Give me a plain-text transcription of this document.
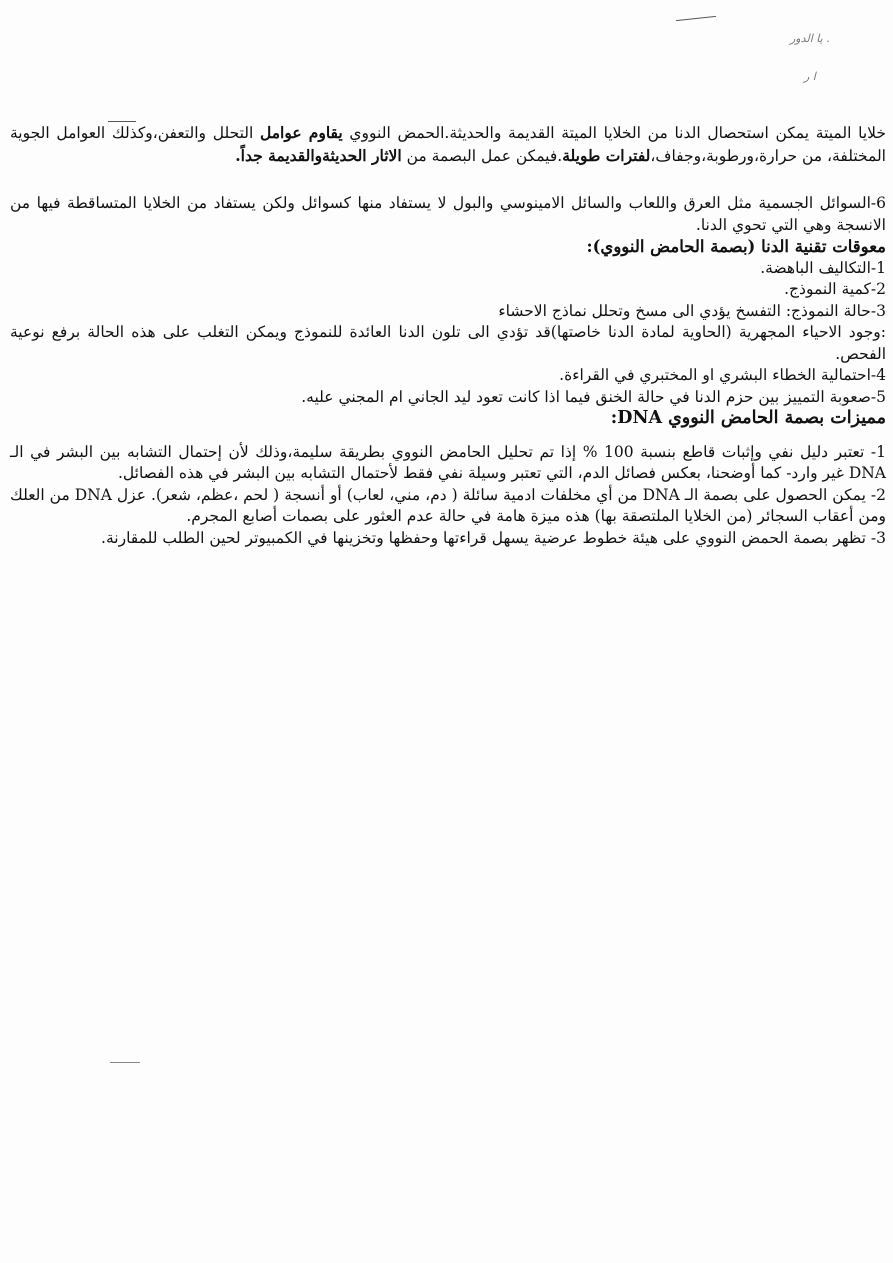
يا الدور .
ا ر

خلايا الميتة يمكن استحصال الدنا من الخلايا الميتة القديمة والحديثة.الحمض النووي يقاوم عوامل التحلل والتعفن،وكذلك العوامل الجوية المختلفة، من حرارة،ورطوبة،وجفاف،لفترات طويلة.فيمكن عمل البصمة من الاثار الحديثةوالقديمة جداً.

6-السوائل الجسمية مثل العرق واللعاب والسائل الامينوسي والبول لا يستفاد منها كسوائل ولكن يستفاد من الخلايا المتساقطة فيها من الانسجة وهي التي تحوي الدنا.

معوقات تقنية الدنا (بصمة الحامض النووي):

1-التكاليف الباهضة.

2-كمية النموذج.

3-حالة النموذج: التفسخ يؤدي الى مسخ وتحلل نماذج الاحشاء

:وجود الاحياء المجهرية (الحاوية لمادة الدنا خاصتها)قد تؤدي الى تلون الدنا العائدة للنموذج ويمكن التغلب على هذه الحالة برفع نوعية الفحص.

4-احتمالية الخطاء البشري او المختبري في القراءة.

5-صعوبة التمييز بين حزم الدنا في حالة الخنق فيما اذا كانت تعود ليد الجاني ام المجني عليه.

مميزات بصمة الحامض النووي DNA:

1- تعتبر دليل نفي وإثبات قاطع بنسبة 100 % إذا تم تحليل الحامض النووي بطريقة سليمة،وذلك لأن إحتمال التشابه بين البشر في الـ DNA غير وارد- كما أوضحنا، بعكس فصائل الدم، التي تعتبر وسيلة نفي فقط لأحتمال التشابه بين البشر في هذه الفصائل.

2- يمكن الحصول على بصمة الـ DNA من أي مخلفات ادمية سائلة ( دم، مني، لعاب) أو أنسجة ( لحم ،عظم، شعر). عزل DNA من العلك ومن أعقاب السجائر (من الخلايا الملتصقة بها) هذه ميزة هامة في حالة عدم العثور على بصمات أصابع المجرم.

3- تظهر بصمة الحمض النووي على هيئة خطوط عرضية يسهل قراءتها وحفظها وتخزينها في الكمبيوتر لحين الطلب للمقارنة.
